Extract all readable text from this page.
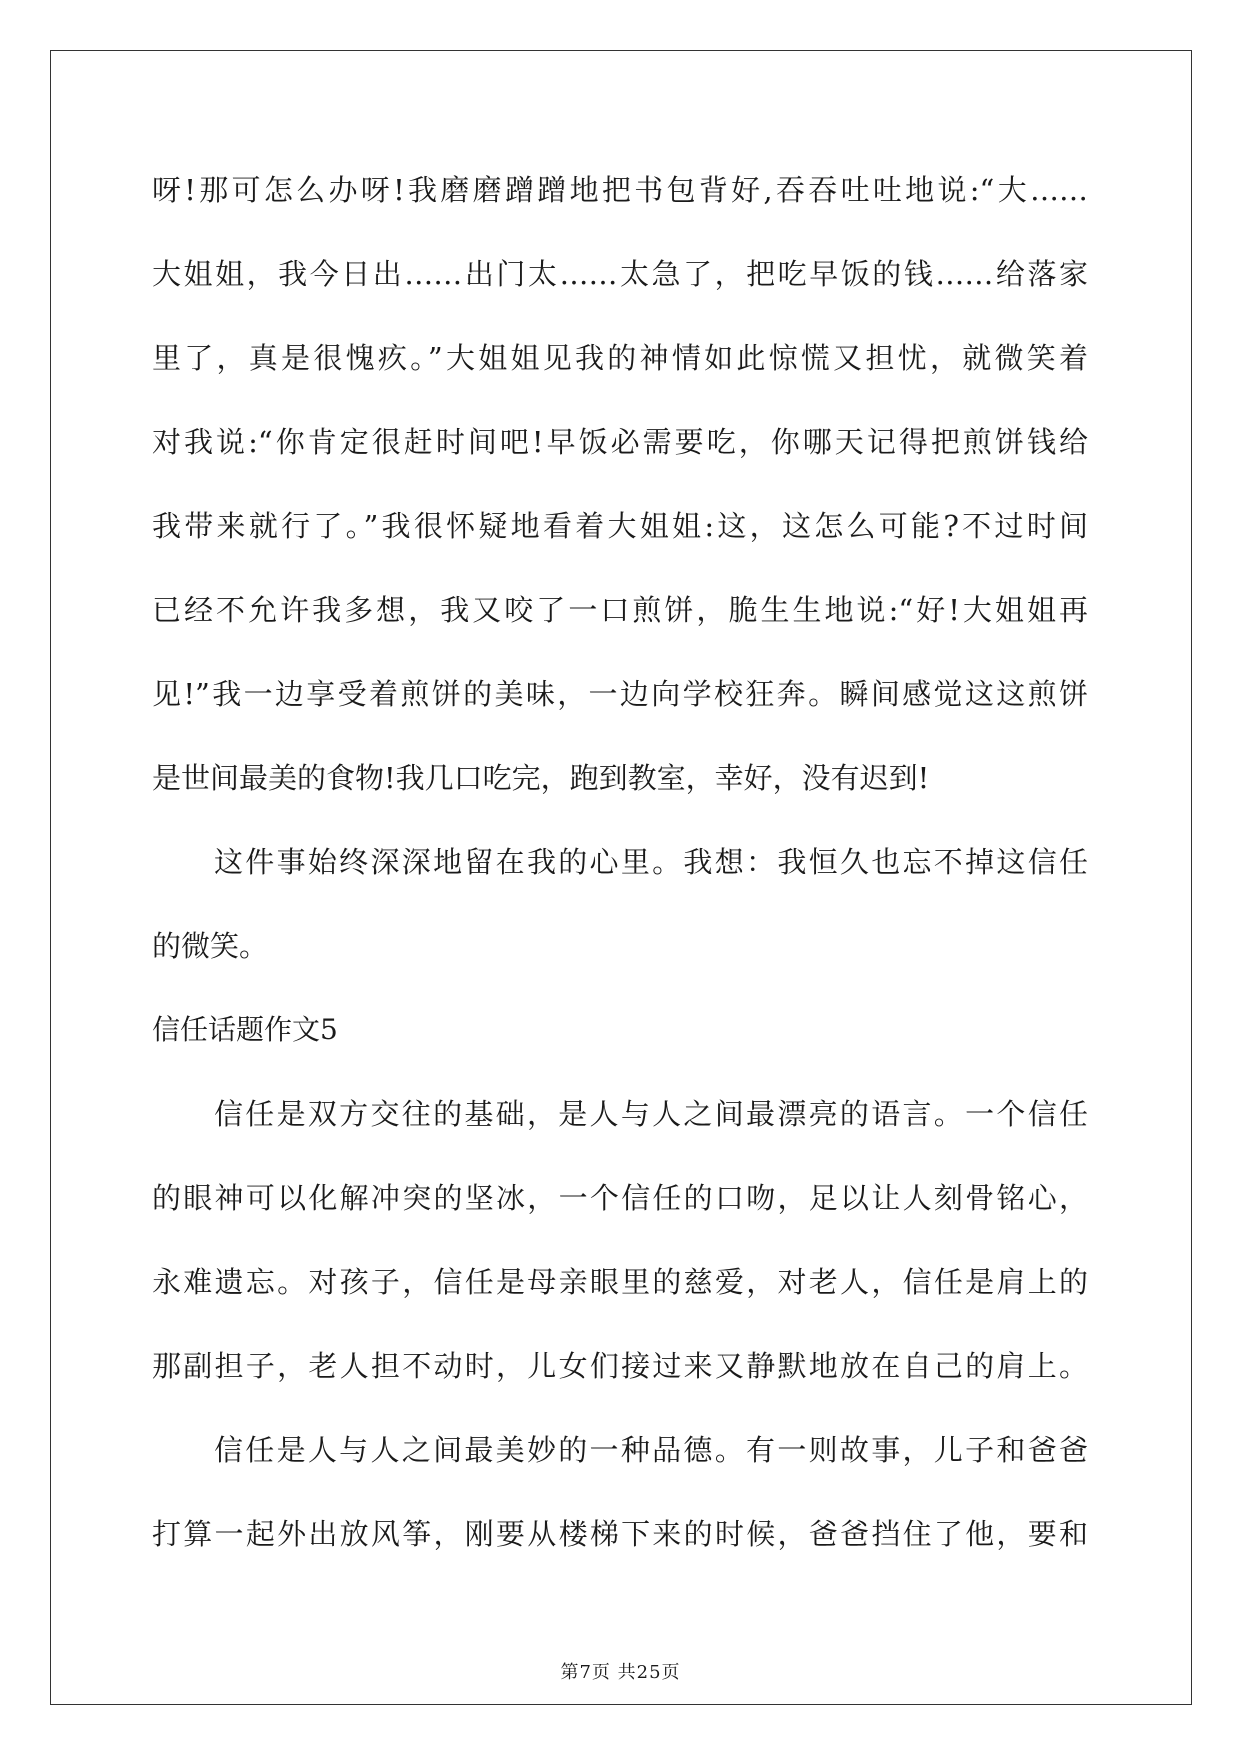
呀!那可怎么办呀!我磨磨蹭蹭地把书包背好,吞吞吐吐地说:“大……
大姐姐，我今日出……出门太……太急了，把吃早饭的钱……给落家
里了，真是很愧疚。”大姐姐见我的神情如此惊慌又担忧，就微笑着
对我说:“你肯定很赶时间吧!早饭必需要吃，你哪天记得把煎饼钱给
我带来就行了。”我很怀疑地看着大姐姐:这，这怎么可能?不过时间
已经不允许我多想，我又咬了一口煎饼，脆生生地说:“好!大姐姐再
见!”我一边享受着煎饼的美味，一边向学校狂奔。瞬间感觉这这煎饼
是世间最美的食物!我几口吃完，跑到教室，幸好，没有迟到!
这件事始终深深地留在我的心里。我想：我恒久也忘不掉这信任
的微笑。
信任话题作文5
信任是双方交往的基础，是人与人之间最漂亮的语言。一个信任
的眼神可以化解冲突的坚冰，一个信任的口吻，足以让人刻骨铭心，
永难遗忘。对孩子，信任是母亲眼里的慈爱，对老人，信任是肩上的
那副担子，老人担不动时，儿女们接过来又静默地放在自己的肩上。
信任是人与人之间最美妙的一种品德。有一则故事，儿子和爸爸
打算一起外出放风筝，刚要从楼梯下来的时候，爸爸挡住了他，要和
第7页 共25页
